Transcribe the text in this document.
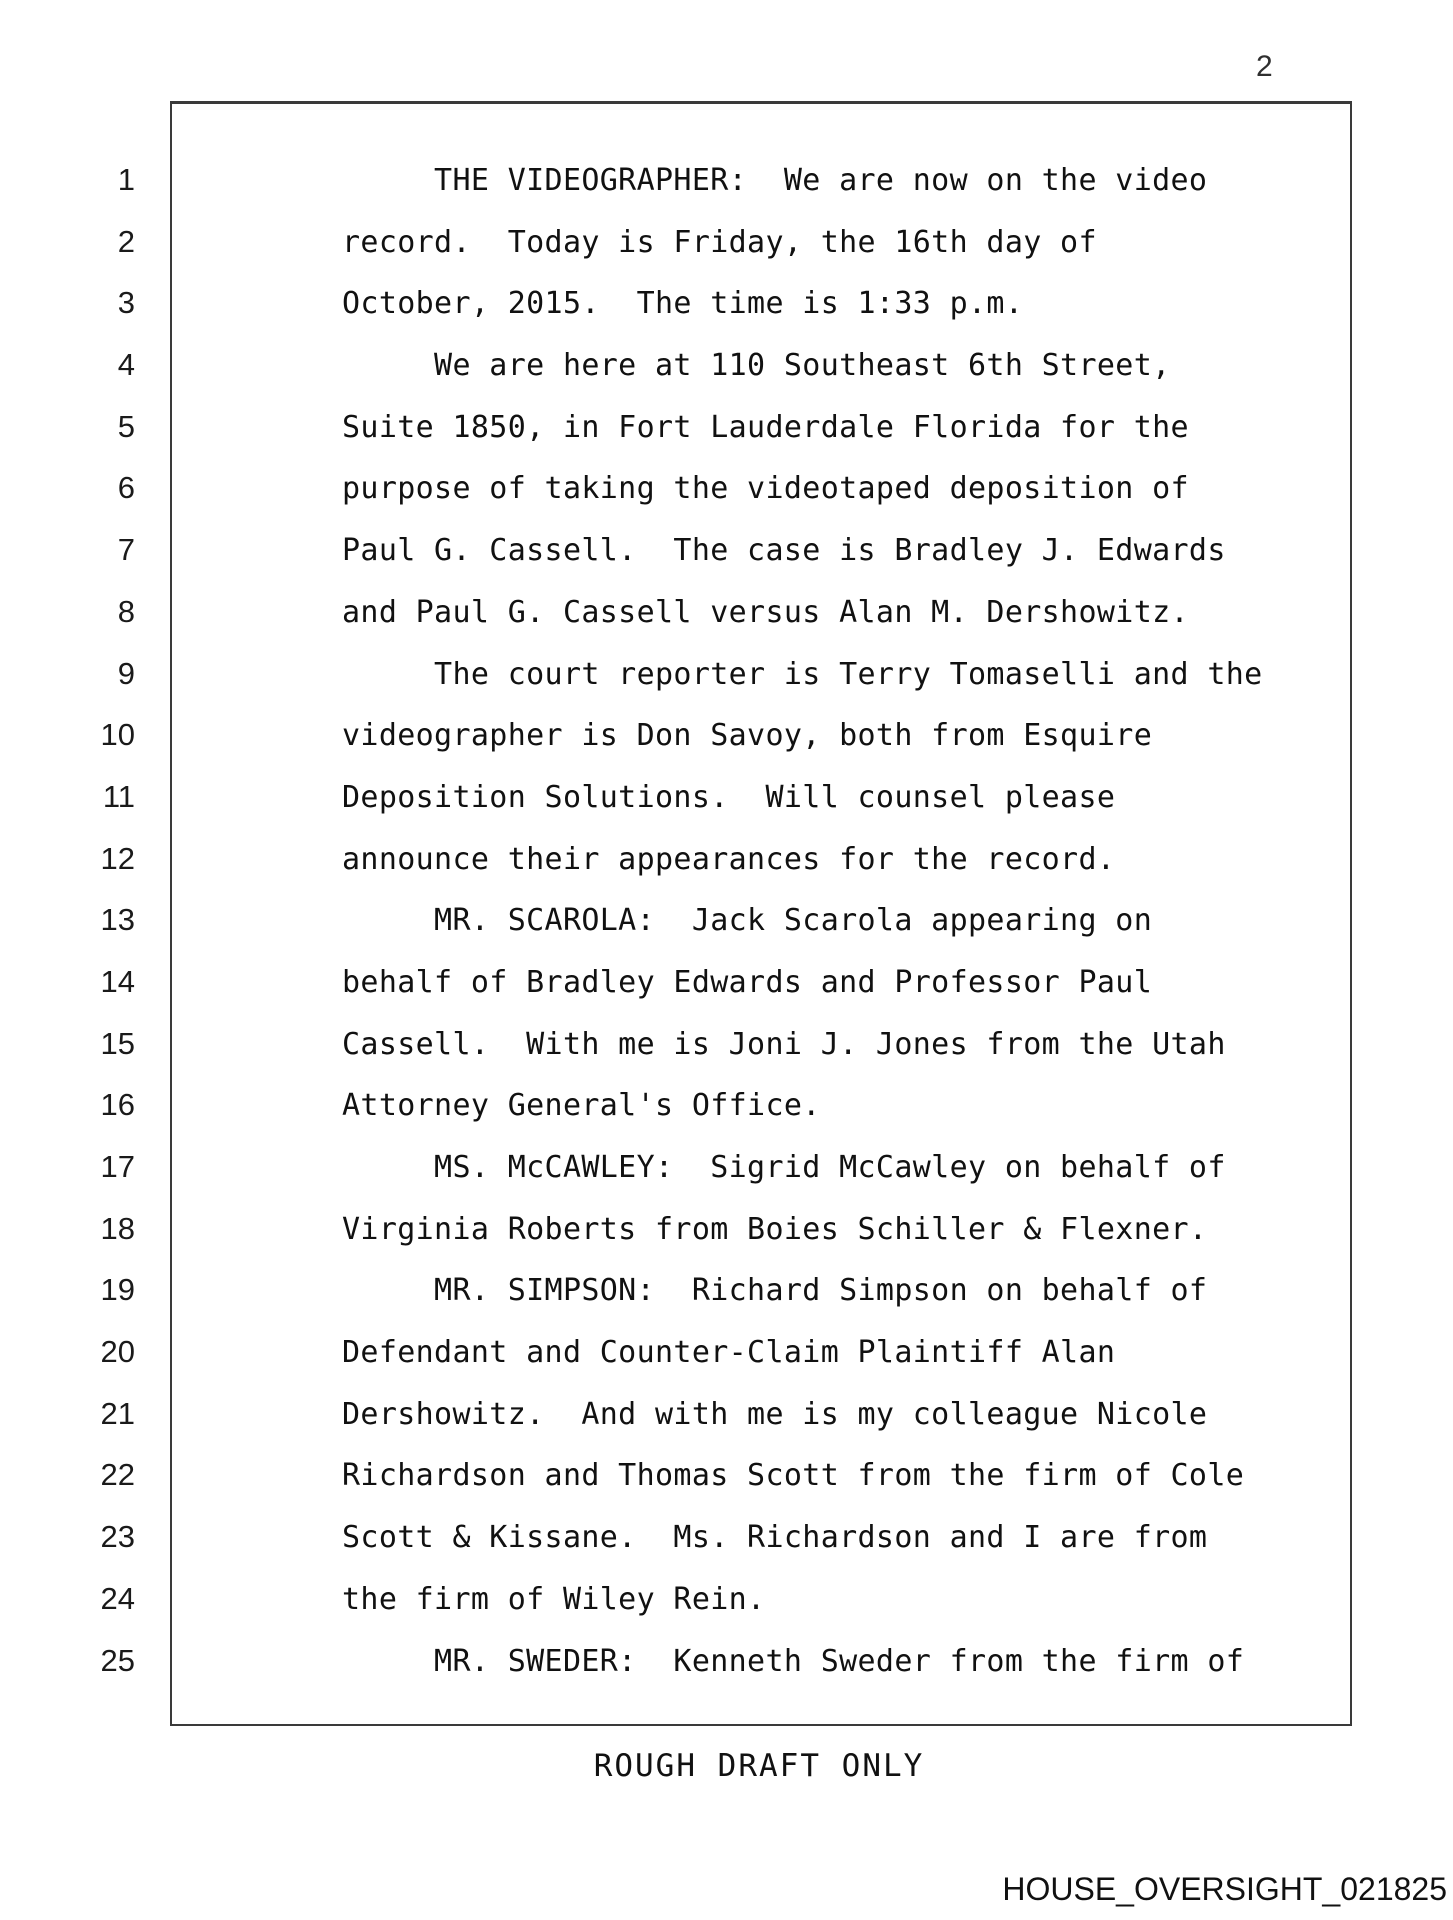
2
1	THE VIDEOGRAPHER:  We are now on the video
2	record.  Today is Friday, the 16th day of
3	October, 2015.  The time is 1:33 p.m.
4	We are here at 110 Southeast 6th Street,
5	Suite 1850, in Fort Lauderdale Florida for the
6	purpose of taking the videotaped deposition of
7	Paul G. Cassell.  The case is Bradley J. Edwards
8	and Paul G. Cassell versus Alan M. Dershowitz.
9	The court reporter is Terry Tomaselli and the
10	videographer is Don Savoy, both from Esquire
11	Deposition Solutions.  Will counsel please
12	announce their appearances for the record.
13	MR. SCAROLA:  Jack Scarola appearing on
14	behalf of Bradley Edwards and Professor Paul
15	Cassell.  With me is Joni J. Jones from the Utah
16	Attorney General's Office.
17	MS. McCAWLEY:  Sigrid McCawley on behalf of
18	Virginia Roberts from Boies Schiller & Flexner.
19	MR. SIMPSON:  Richard Simpson on behalf of
20	Defendant and Counter-Claim Plaintiff Alan
21	Dershowitz.  And with me is my colleague Nicole
22	Richardson and Thomas Scott from the firm of Cole
23	Scott & Kissane.  Ms. Richardson and I are from
24	the firm of Wiley Rein.
25	MR. SWEDER:  Kenneth Sweder from the firm of
ROUGH DRAFT ONLY
HOUSE_OVERSIGHT_021825
